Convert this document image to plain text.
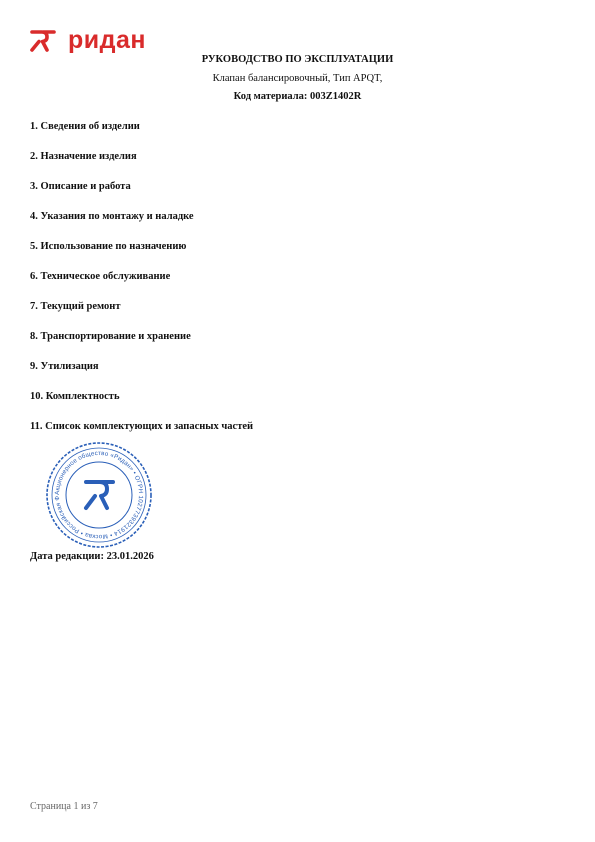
ридан
РУКОВОДСТВО ПО ЭКСПЛУАТАЦИИ
Клапан балансировочный, Тип APQT,
Код материала: 003Z1402R
1. Сведения об изделии
2. Назначение изделия
3. Описание и работа
4. Указания по монтажу и наладке
5. Использование по назначению
6. Техническое обслуживание
7. Текущий ремонт
8. Транспортирование и хранение
9. Утилизация
10. Комплектность
11. Список комплектующих и запасных частей
Акционерное общество «Ридан» • ОГРН 1027739321914 • Москва • Российская Ф
Дата редакции: 23.01.2026
Страница 1 из 7
